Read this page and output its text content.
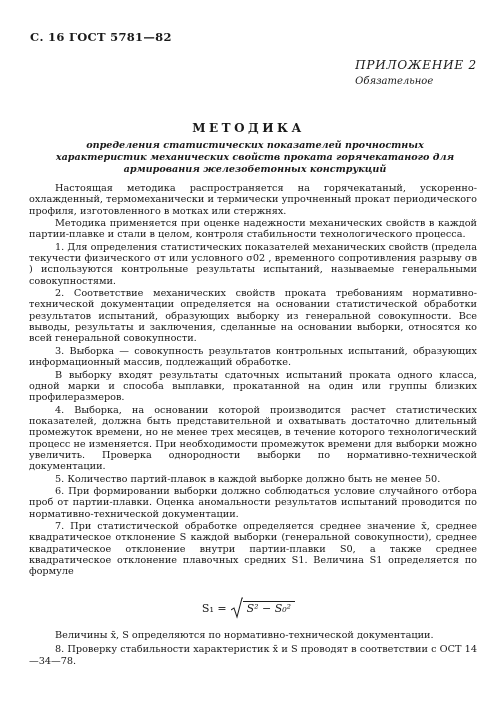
С. 16 ГОСТ 5781—82
ПРИЛОЖЕНИЕ 2
Обязательное
МЕТОДИКА
определения статистических показателей прочностных характеристик механических свойств проката горячекатаного для армирования железобетонных конструкций

Настоящая методика распространяется на горячекатаный, ускоренно-охлажденный, термомеханически и термически упрочненный прокат периодического профиля, изготовленного в мотках или стержнях.

Методика применяется при оценке надежности механических свойств в каждой партии-плавке и стали в целом, контроля стабильности технологического процесса.

1. Для определения статистических показателей механических свойств (предела текучести физического σт или условного σ02 , временного сопротивления разрыву σв ) используются контрольные результаты испытаний, называемые генеральными совокупностями.

2. Соответствие механических свойств проката требованиям нормативно-технической документации определяется на основании статистической обработки результатов испытаний, образующих выборку из генеральной совокупности. Все выводы, результаты и заключения, сделанные на основании выборки, относятся ко всей генеральной совокупности.

3. Выборка — совокупность результатов контрольных испытаний, образующих информационный массив, подлежащий обработке.

В выборку входят результаты сдаточных испытаний проката одного класса, одной марки и способа выплавки, прокатанной на один или группы близких профилеразмеров.

4. Выборка, на основании которой производится расчет статистических показателей, должна быть представительной и охватывать достаточно длительный промежуток времени, но не менее трех месяцев, в течение которого технологический процесс не изменяется. При необходимости промежуток времени для выборки можно увеличить. Проверка однородности выборки по нормативно-технической документации.

5. Количество партий-плавок в каждой выборке должно быть не менее 50.

6. При формировании выборки должно соблюдаться условие случайного отбора проб от партии-плавки. Оценка аномальности результатов испытаний проводится по нормативно-технической документации.

7. При статистической обработке определяется среднее значение x̄, среднее квадратическое отклонение S каждой выборки (генеральной совокупности), среднее квадратическое отклонение внутри партии-плавки S0, а также среднее квадратическое отклонение плавочных средних S1. Величина S1 определяется по формуле

S₁ =	S² − S₀²

Величины x̄, S определяются по нормативно-технической документации.

8. Проверку стабильности характеристик x̄ и S проводят в соответствии с ОСТ 14—34—78.
